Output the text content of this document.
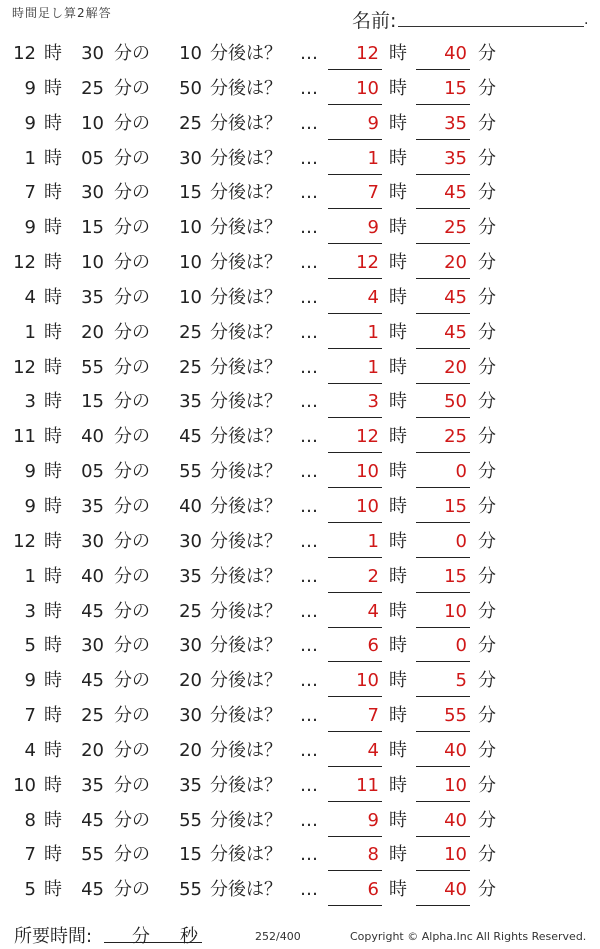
時間足し算2解答	名前:	.
12 時 30 分の	10 分後は？ …	12 時	40 分
9 時 25 分の	50 分後は？ …	10 時	15 分
9 時 10 分の	25 分後は？ …	9 時	35 分
1 時 05 分の	30 分後は？ …	1 時	35 分
7 時 30 分の	15 分後は？ …	7 時	45 分
9 時 15 分の	10 分後は？ …	9 時	25 分
12 時 10 分の	10 分後は？ …	12 時	20 分
4 時 35 分の	10 分後は？ …	4 時	45 分
1 時 20 分の	25 分後は？ …	1 時	45 分
12 時 55 分の	25 分後は？ …	1 時	20 分
3 時 15 分の	35 分後は？ …	3 時	50 分
11 時 40 分の	45 分後は？ …	12 時	25 分
9 時 05 分の	55 分後は？ …	10 時	0 分
9 時 35 分の	40 分後は？ …	10 時	15 分
12 時 30 分の	30 分後は？ …	1 時	0 分
1 時 40 分の	35 分後は？ …	2 時	15 分
3 時 45 分の	25 分後は？ …	4 時	10 分
5 時 30 分の	30 分後は？ …	6 時	0 分
9 時 45 分の	20 分後は？ …	10 時	5 分
7 時 25 分の	30 分後は？ …	7 時	55 分
4 時 20 分の	20 分後は？ …	4 時	40 分
10 時 35 分の	35 分後は？ …	11 時	10 分
8 時 45 分の	55 分後は？ …	9 時	40 分
7 時 55 分の	15 分後は？ …	8 時	10 分
5 時 45 分の	55 分後は？ …	6 時	40 分
所要時間: 分 秒	252/400	Copyright © Alpha.Inc All Rights Reserved.
